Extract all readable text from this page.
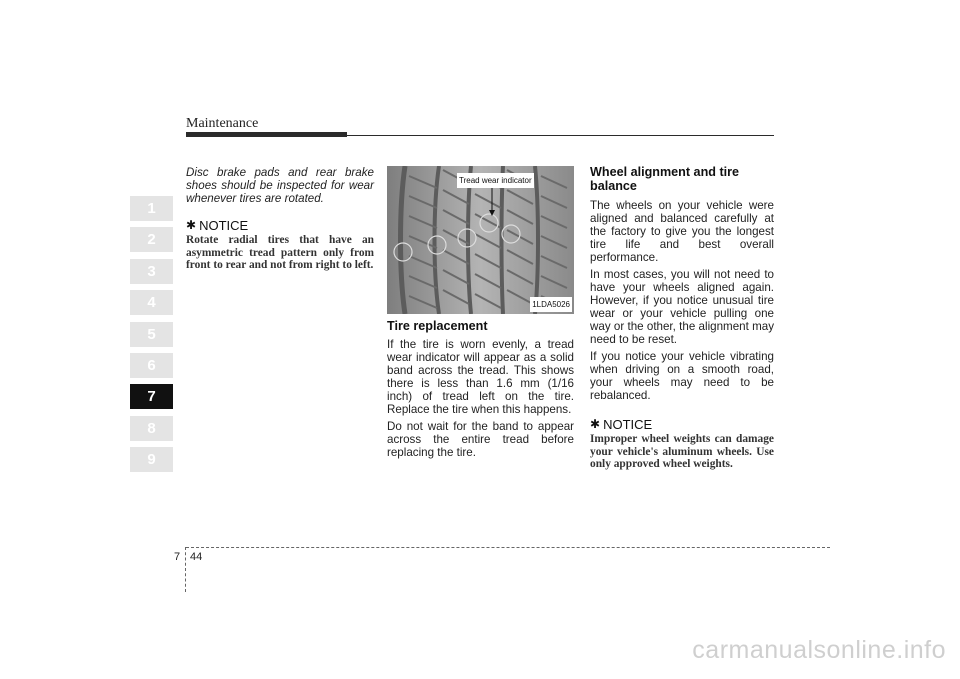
Maintenance
1
2
3
4
5
6
7
8
9

Disc brake pads and rear brake shoes should be inspected for wear whenever tires are rotated.

✱ NOTICE

Rotate radial tires that have an asymmetric tread pattern only from front to rear and not from right to left.

Tread wear indicator
1LDA5026
Tire replacement

If the tire is worn evenly, a tread wear indicator will appear as a solid band across the tread. This shows there is less than 1.6 mm (1/16 inch) of tread left on the tire. Replace the tire when this happens.

Do not wait for the band to appear across the entire tread before replacing the tire.

Wheel alignment and tire balance

The wheels on your vehicle were aligned and balanced carefully at the factory to give you the longest tire life and best overall performance.

In most cases, you will not need to have your wheels aligned again. However, if you notice unusual tire wear or your vehicle pulling one way or the other, the alignment may need to be reset.

If you notice your vehicle vibrating when driving on a smooth road, your wheels may need to be rebalanced.

✱ NOTICE

Improper wheel weights can damage your vehicle's aluminum wheels. Use only approved wheel weights.

7 44
carmanualsonline.info
